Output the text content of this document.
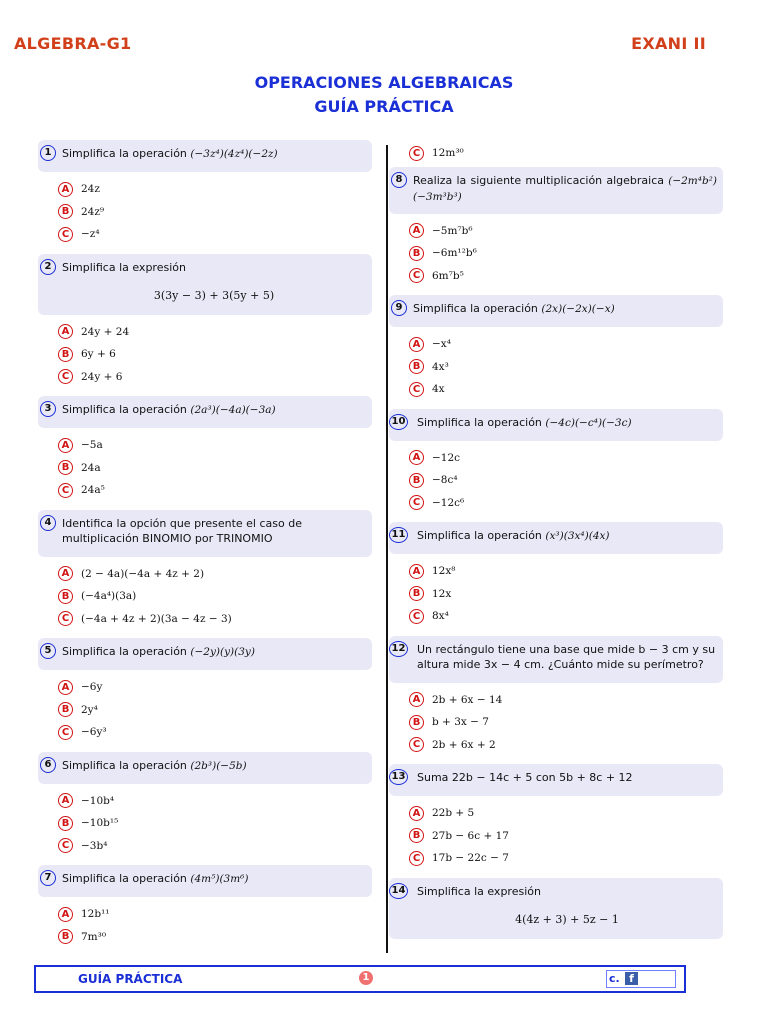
ALGEBRA-G1	EXANI II
OPERACIONES ALGEBRAICAS
GUÍA PRÁCTICA
1 Simplifica la operación (−3z⁴)(4z⁴)(−2z)
A	24z
B	24z⁹
C	−z⁴
2 Simplifica la expresión
3(3y − 3) + 3(5y + 5)
A	24y + 24
B	6y + 6
C	24y + 6
3 Simplifica la operación (2a³)(−4a)(−3a)
A	−5a
B	24a
C	24a⁵
4 Identifica la opción que presente el caso de multiplicación BINOMIO por TRINOMIO
A	(2 − 4a)(−4a + 4z + 2)
B	(−4a⁴)(3a)
C	(−4a + 4z + 2)(3a − 4z − 3)
5 Simplifica la operación (−2y)(y)(3y)
A	−6y
B	2y⁴
C	−6y³
6 Simplifica la operación (2b³)(−5b)
A	−10b⁴
B	−10b¹⁵
C	−3b⁴
7 Simplifica la operación (4m⁵)(3m⁶)
A	12b¹¹
B	7m³⁰
C	12m³⁰
8 Realiza la siguiente multiplicación algebraica (−2m⁴b²)(−3m³b³)
A	−5m⁷b⁶
B	−6m¹²b⁶
C	6m⁷b⁵
9 Simplifica la operación (2x)(−2x)(−x)
A	−x⁴
B	4x³
C	4x
10 Simplifica la operación (−4c)(−c⁴)(−3c)
A	−12c
B	−8c⁴
C	−12c⁶
11 Simplifica la operación (x³)(3x⁴)(4x)
A	12x⁸
B	12x
C	8x⁴
12 Un rectángulo tiene una base que mide b − 3 cm y su altura mide 3x − 4 cm. ¿Cuánto mide su perímetro?
A	2b + 6x − 14
B	b + 3x − 7
C	2b + 6x + 2
13 Suma 22b − 14c + 5 con 5b + 8c + 12
A	22b + 5
B	27b − 6c + 17
C	17b − 22c − 7
14 Simplifica la expresión
4(4z + 3) + 5z − 1
GUÍA PRÁCTICA	1	c. f
